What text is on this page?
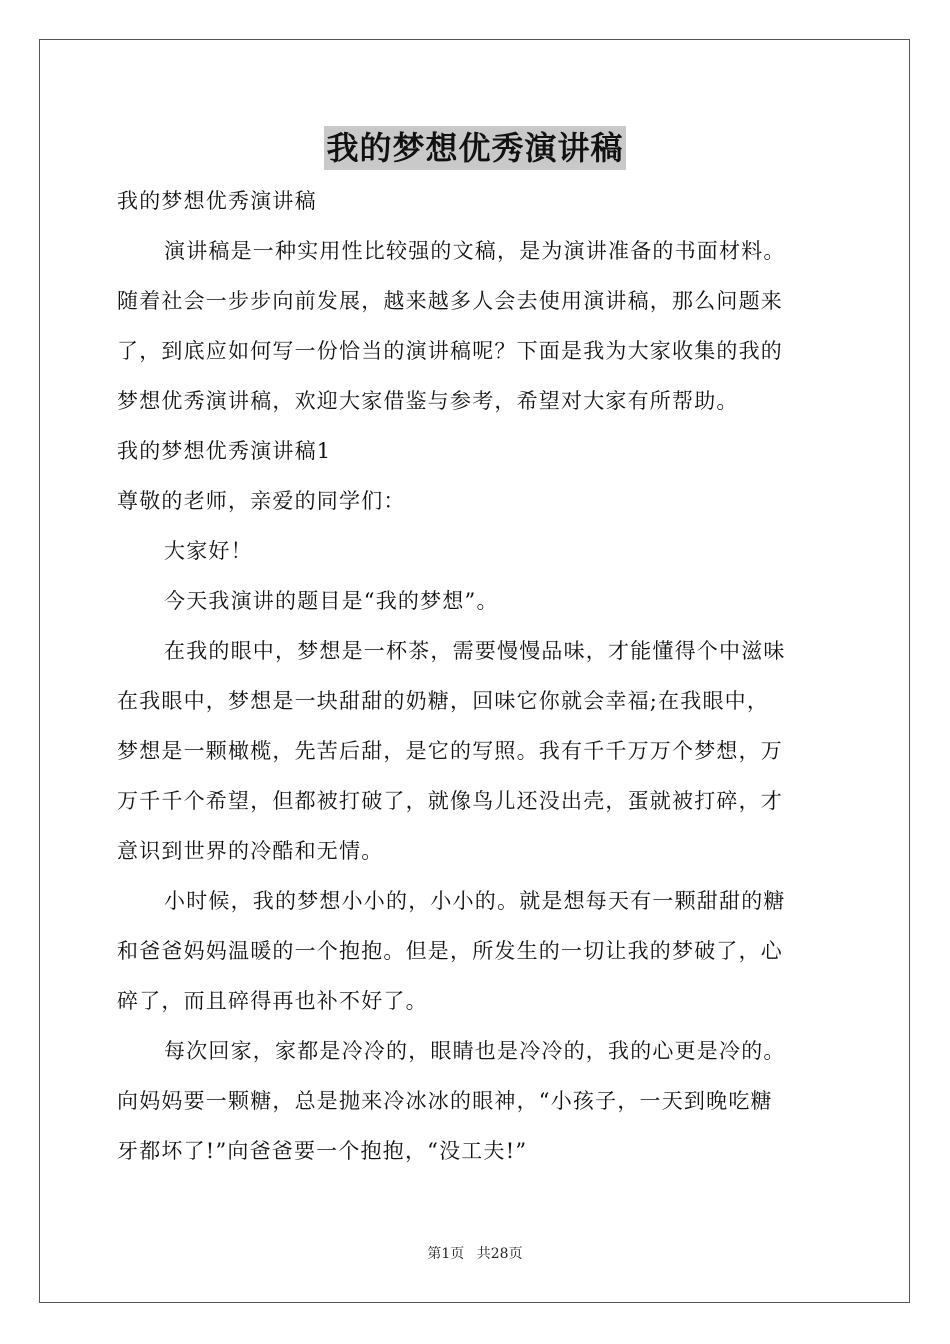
我的梦想优秀演讲稿
我的梦想优秀演讲稿
演讲稿是一种实用性比较强的文稿，是为演讲准备的书面材料。
随着社会一步步向前发展，越来越多人会去使用演讲稿，那么问题来
了，到底应如何写一份恰当的演讲稿呢？下面是我为大家收集的我的
梦想优秀演讲稿，欢迎大家借鉴与参考，希望对大家有所帮助。
我的梦想优秀演讲稿1
尊敬的老师，亲爱的同学们：
大家好！
今天我演讲的题目是“我的梦想”。
在我的眼中，梦想是一杯茶，需要慢慢品味，才能懂得个中滋味
在我眼中，梦想是一块甜甜的奶糖，回味它你就会幸福;在我眼中，
梦想是一颗橄榄，先苦后甜，是它的写照。我有千千万万个梦想，万
万千千个希望，但都被打破了，就像鸟儿还没出壳，蛋就被打碎，才
意识到世界的冷酷和无情。
小时候，我的梦想小小的，小小的。就是想每天有一颗甜甜的糖
和爸爸妈妈温暖的一个抱抱。但是，所发生的一切让我的梦破了，心
碎了，而且碎得再也补不好了。
每次回家，家都是冷冷的，眼睛也是冷冷的，我的心更是冷的。
向妈妈要一颗糖，总是抛来冷冰冰的眼神，“小孩子，一天到晚吃糖
牙都坏了!”向爸爸要一个抱抱，“没工夫!”
第1页 共28页
